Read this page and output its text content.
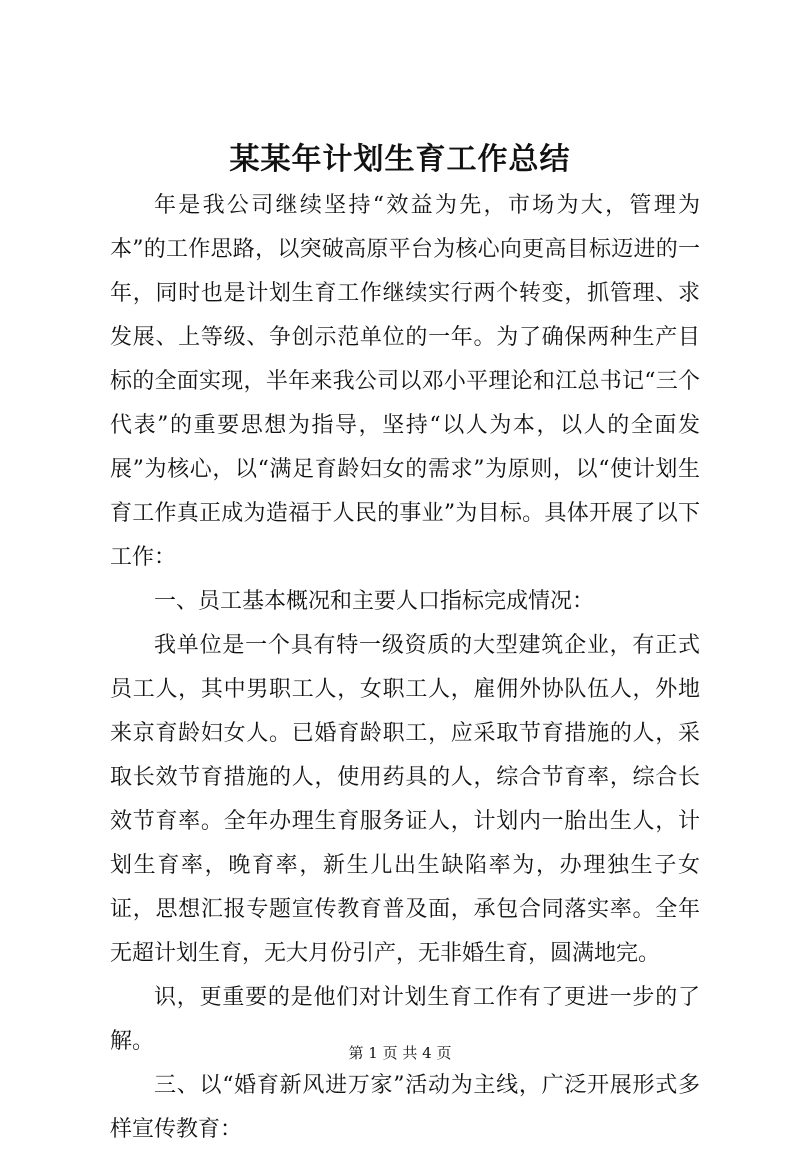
某某年计划生育工作总结

年是我公司继续坚持“效益为先，市场为大，管理为本”的工作思路，以突破高原平台为核心向更高目标迈进的一年，同时也是计划生育工作继续实行两个转变，抓管理、求发展、上等级、争创示范单位的一年。为了确保两种生产目标的全面实现，半年来我公司以邓小平理论和江总书记“三个代表”的重要思想为指导，坚持“以人为本，以人的全面发展”为核心，以“满足育龄妇女的需求”为原则，以“使计划生育工作真正成为造福于人民的事业”为目标。具体开展了以下工作：

一、员工基本概况和主要人口指标完成情况：

我单位是一个具有特一级资质的大型建筑企业，有正式员工人，其中男职工人，女职工人，雇佣外协队伍人，外地来京育龄妇女人。已婚育龄职工，应采取节育措施的人，采取长效节育措施的人，使用药具的人，综合节育率，综合长效节育率。全年办理生育服务证人，计划内一胎出生人，计划生育率，晚育率，新生儿出生缺陷率为，办理独生子女证，思想汇报专题宣传教育普及面，承包合同落实率。全年无超计划生育，无大月份引产，无非婚生育，圆满地完。

识，更重要的是他们对计划生育工作有了更进一步的了解。

三、以“婚育新风进万家”活动为主线，广泛开展形式多样宣传教育：

第 1 页 共 4 页
